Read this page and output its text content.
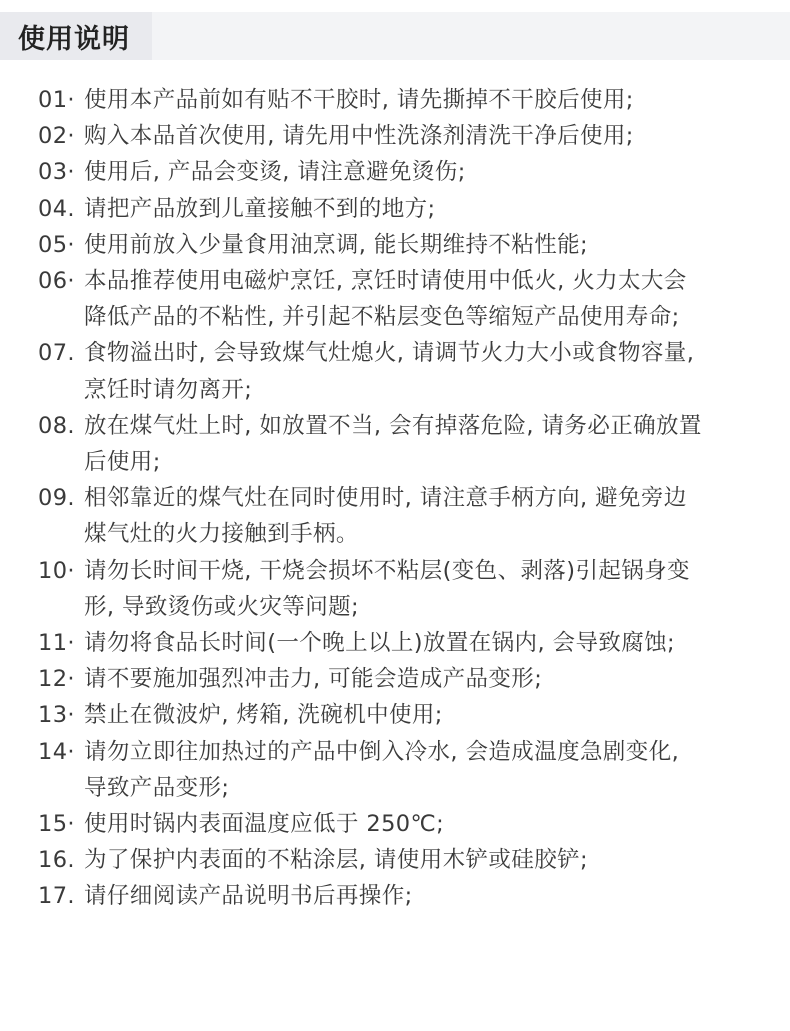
使用说明
01· 使用本产品前如有贴不干胶时, 请先撕掉不干胶后使用;
02· 购入本品首次使用, 请先用中性洗涤剂清洗干净后使用;
03· 使用后, 产品会变烫, 请注意避免烫伤;
04. 请把产品放到儿童接触不到的地方;
05· 使用前放入少量食用油烹调, 能长期维持不粘性能;
06· 本品推荐使用电磁炉烹饪, 烹饪时请使用中低火, 火力太大会
降低产品的不粘性, 并引起不粘层变色等缩短产品使用寿命;
07. 食物溢出时, 会导致煤气灶熄火, 请调节火力大小或食物容量,
烹饪时请勿离开;
08. 放在煤气灶上时, 如放置不当, 会有掉落危险, 请务必正确放置
后使用;
09. 相邻靠近的煤气灶在同时使用时, 请注意手柄方向, 避免旁边
煤气灶的火力接触到手柄。
10· 请勿长时间干烧, 干烧会损坏不粘层(变色、剥落)引起锅身变
形, 导致烫伤或火灾等问题;
11· 请勿将食品长时间(一个晚上以上)放置在锅内, 会导致腐蚀;
12· 请不要施加强烈冲击力, 可能会造成产品变形;
13· 禁止在微波炉, 烤箱, 洗碗机中使用;
14· 请勿立即往加热过的产品中倒入冷水, 会造成温度急剧变化,
导致产品变形;
15· 使用时锅内表面温度应低于 250℃;
16. 为了保护内表面的不粘涂层, 请使用木铲或硅胶铲;
17. 请仔细阅读产品说明书后再操作;
